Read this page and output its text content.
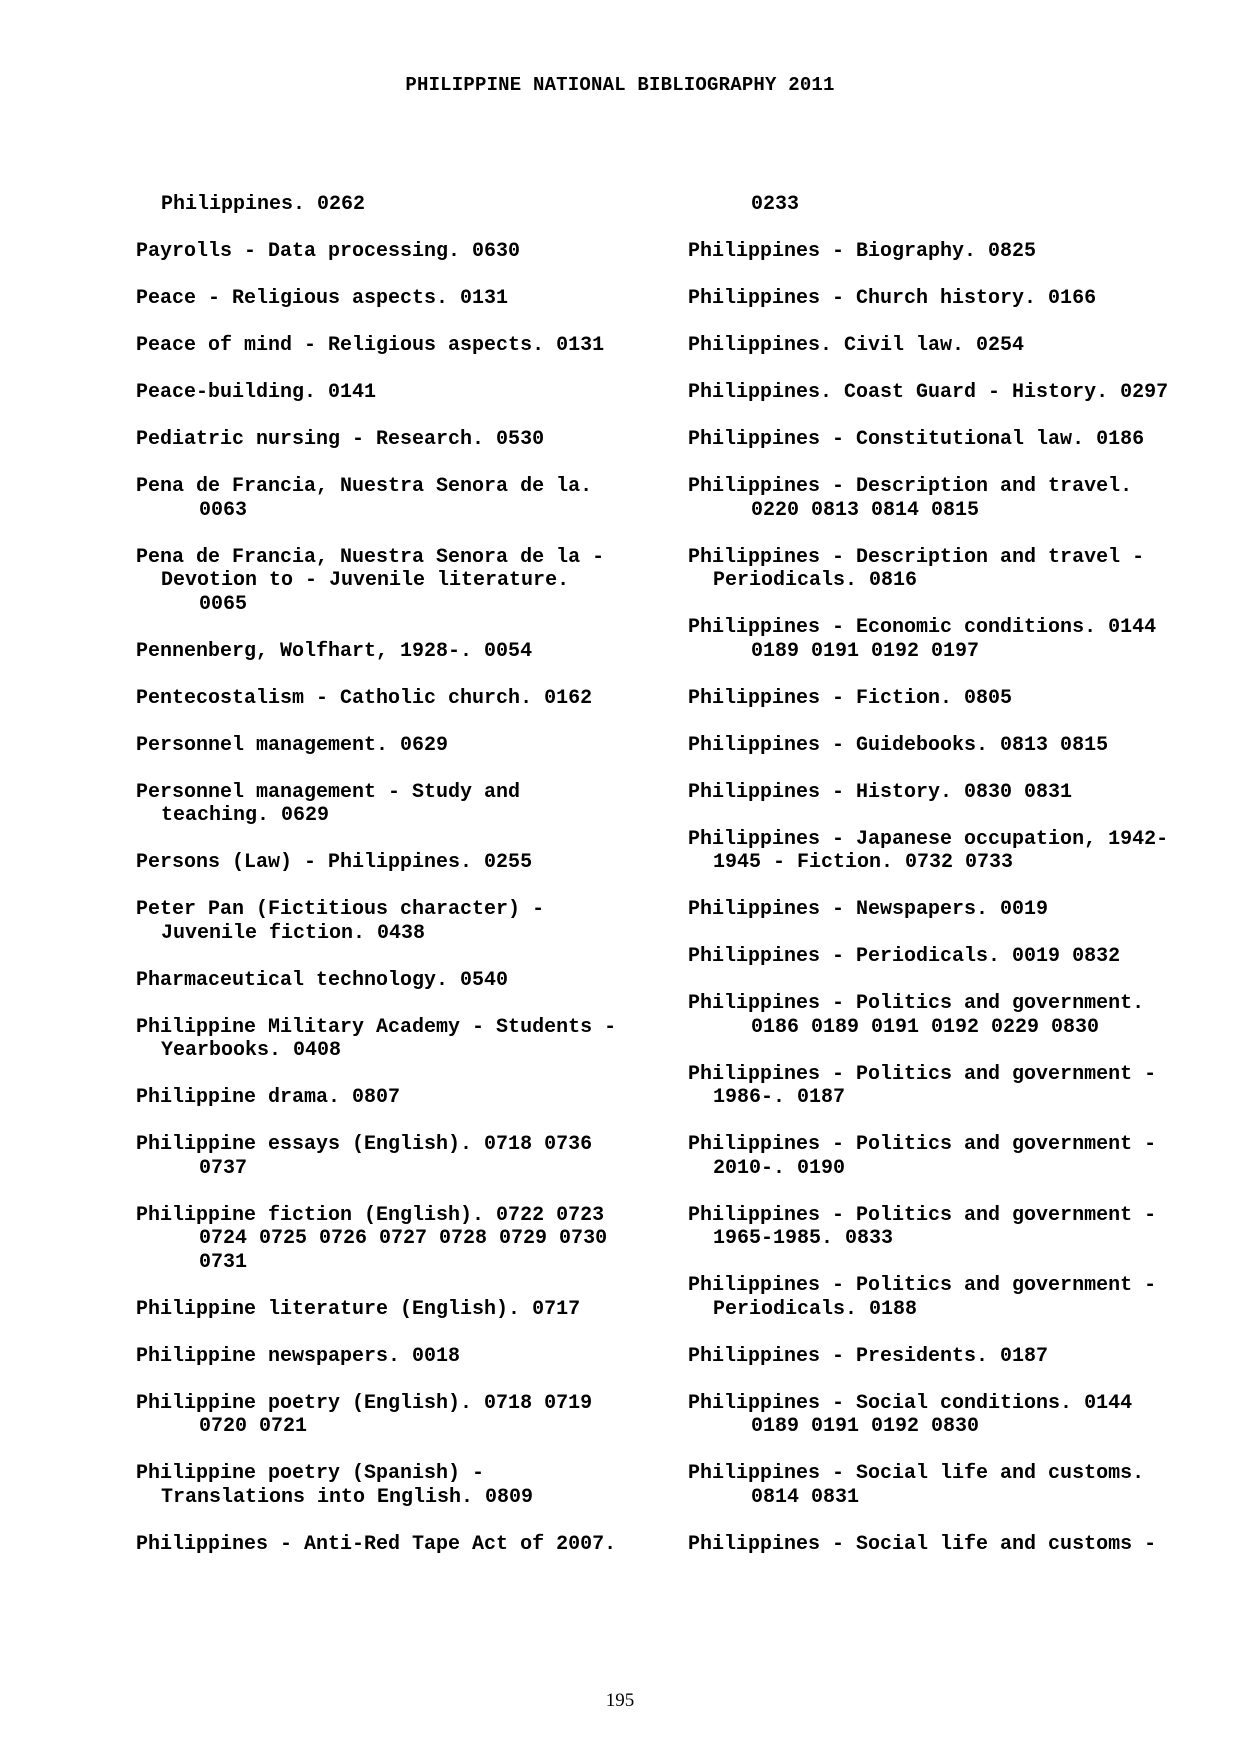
PHILIPPINE NATIONAL BIBLIOGRAPHY 2011
Philippines. 0262
Payrolls - Data processing. 0630
Peace - Religious aspects. 0131
Peace of mind - Religious aspects. 0131
Peace-building. 0141
Pediatric nursing - Research. 0530
Pena de Francia, Nuestra Senora de la.
0063
Pena de Francia, Nuestra Senora de la -
Devotion to - Juvenile literature.
0065
Pennenberg, Wolfhart, 1928-. 0054
Pentecostalism - Catholic church. 0162
Personnel management. 0629
Personnel management - Study and
teaching. 0629
Persons (Law) - Philippines. 0255
Peter Pan (Fictitious character) -
Juvenile fiction. 0438
Pharmaceutical technology. 0540
Philippine Military Academy - Students -
Yearbooks. 0408
Philippine drama. 0807
Philippine essays (English). 0718 0736
0737
Philippine fiction (English). 0722 0723
0724 0725 0726 0727 0728 0729 0730
0731
Philippine literature (English). 0717
Philippine newspapers. 0018
Philippine poetry (English). 0718 0719
0720 0721
Philippine poetry (Spanish) -
Translations into English. 0809
Philippines - Anti-Red Tape Act of 2007.
0233
Philippines - Biography. 0825
Philippines - Church history. 0166
Philippines. Civil law. 0254
Philippines. Coast Guard - History. 0297
Philippines - Constitutional law. 0186
Philippines - Description and travel.
0220 0813 0814 0815
Philippines - Description and travel -
Periodicals. 0816
Philippines - Economic conditions. 0144
0189 0191 0192 0197
Philippines - Fiction. 0805
Philippines - Guidebooks. 0813 0815
Philippines - History. 0830 0831
Philippines - Japanese occupation, 1942-
1945 - Fiction. 0732 0733
Philippines - Newspapers. 0019
Philippines - Periodicals. 0019 0832
Philippines - Politics and government.
0186 0189 0191 0192 0229 0830
Philippines - Politics and government -
1986-. 0187
Philippines - Politics and government -
2010-. 0190
Philippines - Politics and government -
1965-1985. 0833
Philippines - Politics and government -
Periodicals. 0188
Philippines - Presidents. 0187
Philippines - Social conditions. 0144
0189 0191 0192 0830
Philippines - Social life and customs.
0814 0831
Philippines - Social life and customs -
195
